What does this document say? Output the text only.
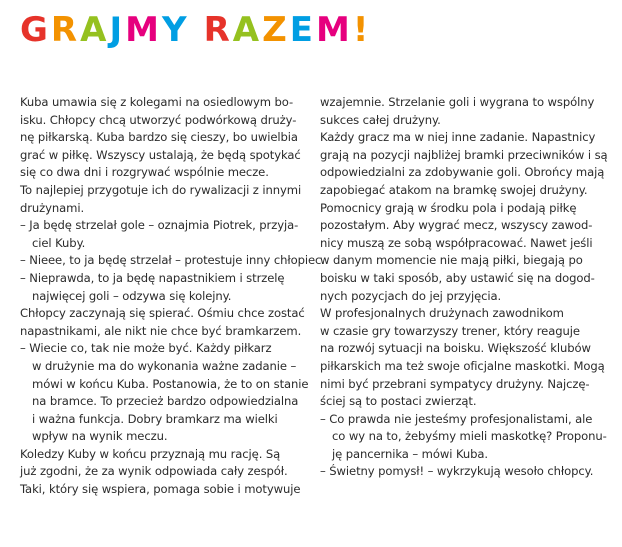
GRAJMY RAZEM!
Kuba umawia się z kolegami na osiedlowym bo-
isku. Chłopcy chcą utworzyć podwórkową druży-
nę piłkarską. Kuba bardzo się cieszy, bo uwielbia
grać w piłkę. Wszyscy ustalają, że będą spotykać
się co dwa dni i rozgrywać wspólnie mecze.
To najlepiej przygotuje ich do rywalizacji z innymi
drużynami.
– Ja będę strzelał gole – oznajmia Piotrek, przyja-
ciel Kuby.
– Nieee, to ja będę strzelał – protestuje inny chłopiec.
– Nieprawda, to ja będę napastnikiem i strzelę
najwięcej goli – odzywa się kolejny.
Chłopcy zaczynają się spierać. Ośmiu chce zostać
napastnikami, ale nikt nie chce być bramkarzem.
– Wiecie co, tak nie może być. Każdy piłkarz
w drużynie ma do wykonania ważne zadanie –
mówi w końcu Kuba. Postanowia, że to on stanie
na bramce. To przecież bardzo odpowiedzialna
i ważna funkcja. Dobry bramkarz ma wielki
wpływ na wynik meczu.
Koledzy Kuby w końcu przyznają mu rację. Są
już zgodni, że za wynik odpowiada cały zespół.
Taki, który się wspiera, pomaga sobie i motywuje
wzajemnie. Strzelanie goli i wygrana to wspólny
sukces całej drużyny.
Każdy gracz ma w niej inne zadanie. Napastnicy
grają na pozycji najbliżej bramki przeciwników i są
odpowiedzialni za zdobywanie goli. Obrońcy mają
zapobiegać atakom na bramkę swojej drużyny.
Pomocnicy grają w środku pola i podają piłkę
pozostałym. Aby wygrać mecz, wszyscy zawod-
nicy muszą ze sobą współpracować. Nawet jeśli
w danym momencie nie mają piłki, biegają po
boisku w taki sposób, aby ustawić się na dogod-
nych pozycjach do jej przyjęcia.
W profesjonalnych drużynach zawodnikom
w czasie gry towarzyszy trener, który reaguje
na rozwój sytuacji na boisku. Większość klubów
piłkarskich ma też swoje oficjalne maskotki. Mogą
nimi być przebrani sympatycy drużyny. Najczę-
ściej są to postaci zwierząt.
– Co prawda nie jesteśmy profesjonalistami, ale
co wy na to, żebyśmy mieli maskotkę? Proponu-
ję pancernika – mówi Kuba.
– Świetny pomysł! – wykrzykują wesoło chłopcy.
